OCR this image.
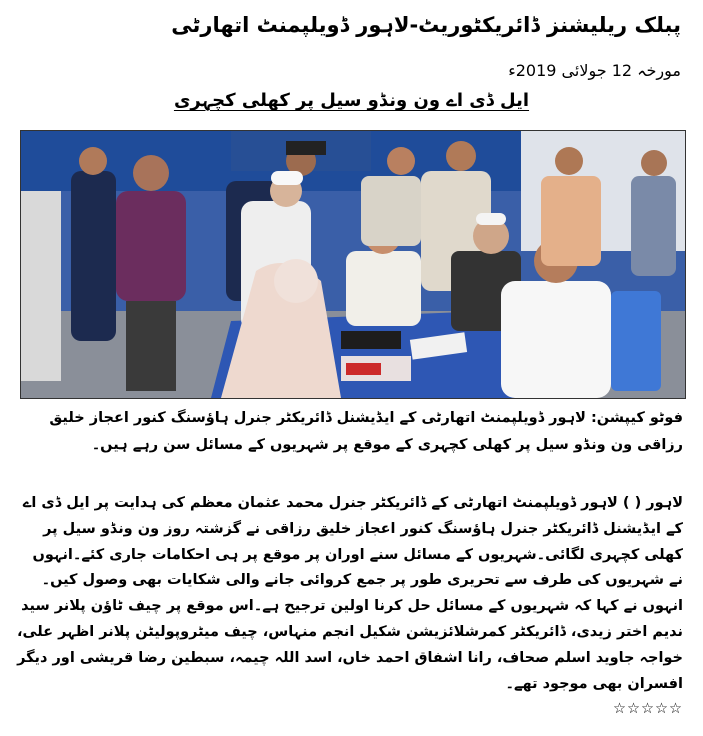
پبلک ریلیشنز ڈائریکٹوریٹ-لاہور ڈویلپمنٹ اتھارٹی
مورخہ 12 جولائی 2019ء
ایل ڈی اے ون ونڈو سیل پر کھلی کچہری
فوٹو کیپشن: لاہور ڈویلپمنٹ اتھارٹی کے ایڈیشنل ڈائریکٹر جنرل ہاؤسنگ کنور اعجاز خلیق رزاقی ون ونڈو سیل پر کھلی کچہری کے موقع پر شہریوں کے مسائل سن رہے ہیں۔

لاہور ( ) لاہور ڈویلپمنٹ اتھارٹی کے ڈائریکٹر جنرل محمد عثمان معظم کی ہدایت پر ایل ڈی اے کے ایڈیشنل ڈائریکٹر جنرل ہاؤسنگ کنور اعجاز خلیق رزاقی نے گزشتہ روز ون ونڈو سیل پر کھلی کچہری لگائی۔شہریوں کے مسائل سنے اوران پر موقع پر ہی احکامات جاری کئے۔انہوں نے شہریوں کی طرف سے تحریری طور پر جمع کروائی جانے والی شکایات بھی وصول کیں۔

انہوں نے کہا کہ شہریوں کے مسائل حل کرنا اولین ترجیح ہے۔اس موقع پر چیف ٹاؤن پلانر سید ندیم اختر زیدی، ڈائریکٹر کمرشلائزیشن شکیل انجم منہاس، چیف میٹروپولیٹن پلانر اظہر علی، خواجہ جاوید اسلم صحاف، رانا اشفاق احمد خاں، اسد اللہ چیمہ، سبطین رضا قریشی اور دیگر افسران بھی موجود تھے۔

☆☆☆☆☆
